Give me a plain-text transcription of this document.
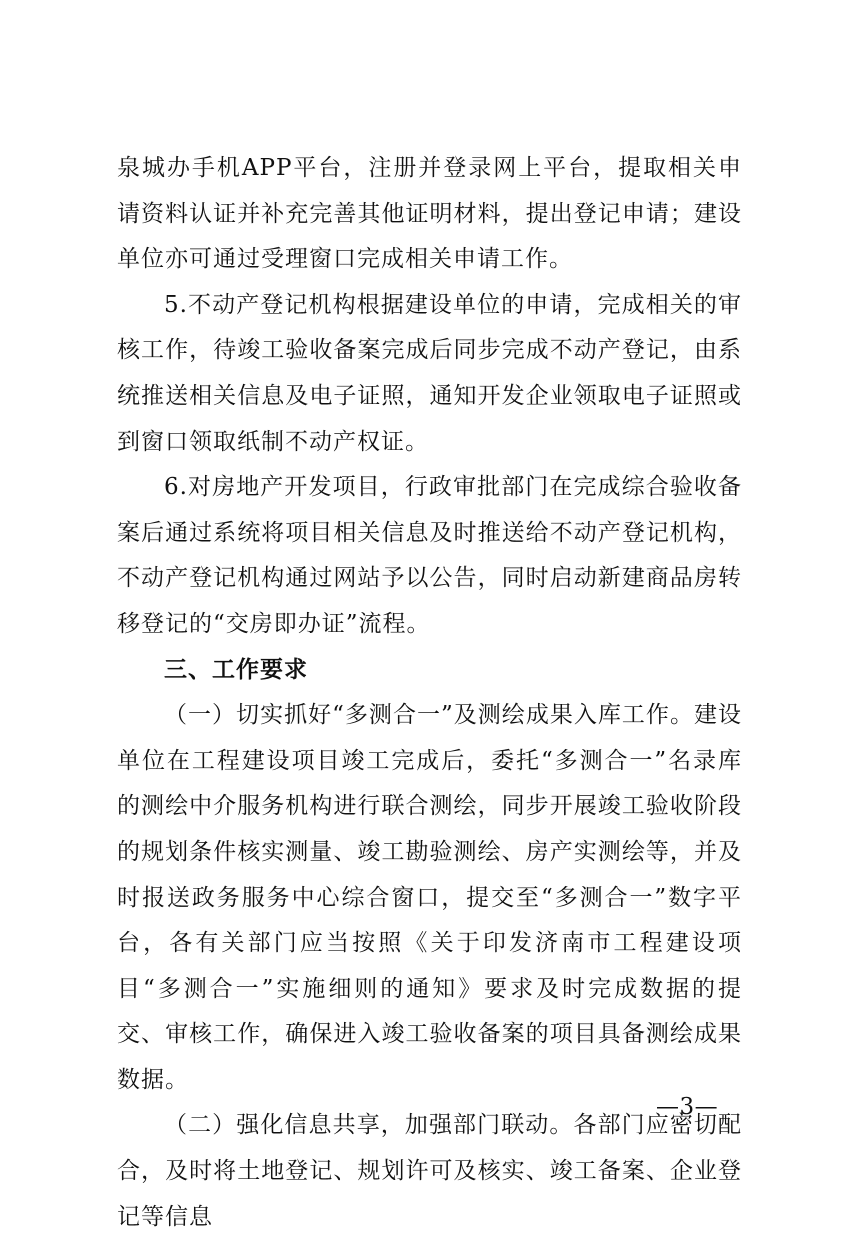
泉城办手机APP平台，注册并登录网上平台，提取相关申请资料认证并补充完善其他证明材料，提出登记申请；建设单位亦可通过受理窗口完成相关申请工作。

5.不动产登记机构根据建设单位的申请，完成相关的审核工作，待竣工验收备案完成后同步完成不动产登记，由系统推送相关信息及电子证照，通知开发企业领取电子证照或到窗口领取纸制不动产权证。

6.对房地产开发项目，行政审批部门在完成综合验收备案后通过系统将项目相关信息及时推送给不动产登记机构，不动产登记机构通过网站予以公告，同时启动新建商品房转移登记的“交房即办证”流程。

三、工作要求

（一）切实抓好“多测合一”及测绘成果入库工作。建设单位在工程建设项目竣工完成后，委托“多测合一”名录库的测绘中介服务机构进行联合测绘，同步开展竣工验收阶段的规划条件核实测量、竣工勘验测绘、房产实测绘等，并及时报送政务服务中心综合窗口，提交至“多测合一”数字平台，各有关部门应当按照《关于印发济南市工程建设项目“多测合一”实施细则的通知》要求及时完成数据的提交、审核工作，确保进入竣工验收备案的项目具备测绘成果数据。

（二）强化信息共享，加强部门联动。各部门应密切配合，及时将土地登记、规划许可及核实、竣工备案、企业登记等信息

—3—
